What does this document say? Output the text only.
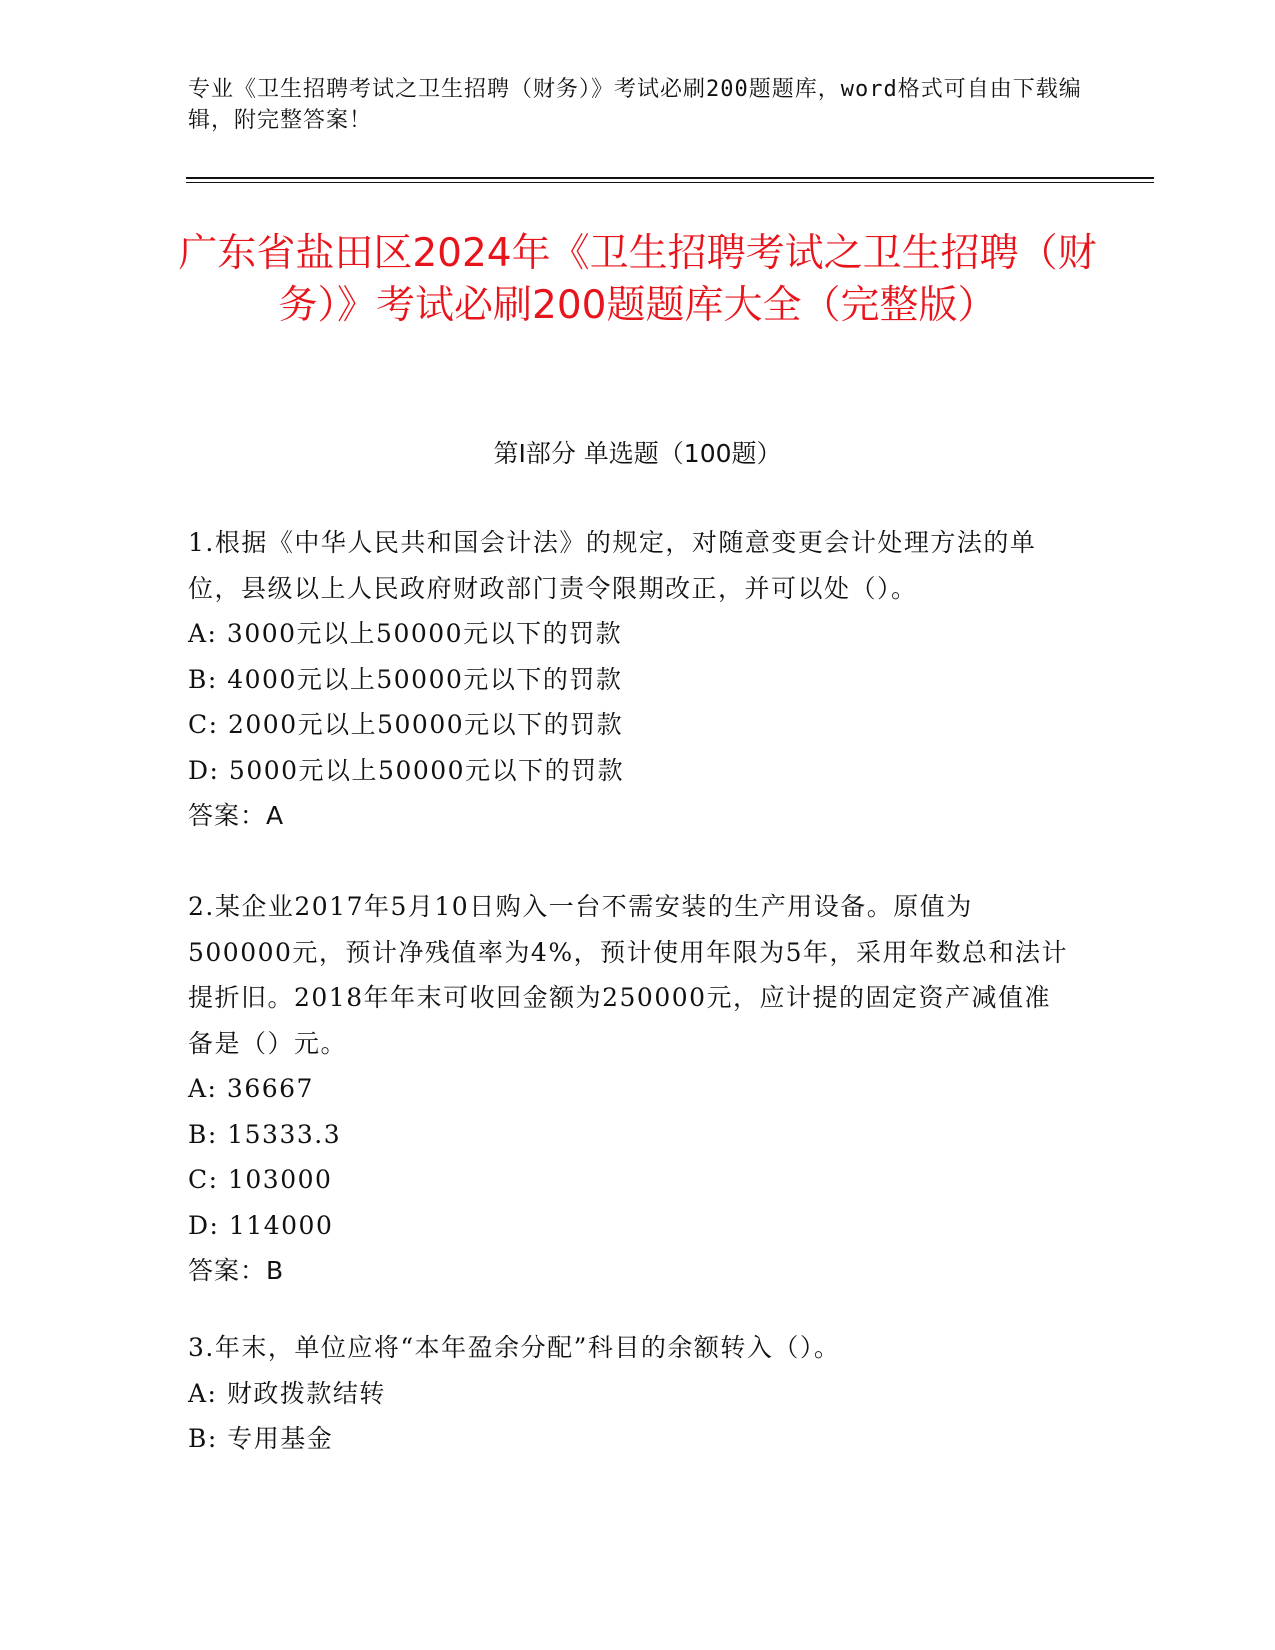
专业《卫生招聘考试之卫生招聘（财务）》考试必刷200题题库，word格式可自由下载编辑，附完整答案！
广东省盐田区2024年《卫生招聘考试之卫生招聘（财务）》考试必刷200题题库大全（完整版）
第I部分 单选题（100题）

1.根据《中华人民共和国会计法》的规定，对随意变更会计处理方法的单位，县级以上人民政府财政部门责令限期改正，并可以处（）。

A: 3000元以上50000元以下的罚款

B: 4000元以上50000元以下的罚款

C: 2000元以上50000元以下的罚款

D: 5000元以上50000元以下的罚款

答案：A

2.某企业2017年5月10日购入一台不需安装的生产用设备。原值为500000元，预计净残值率为4%，预计使用年限为5年，采用年数总和法计提折旧。2018年年末可收回金额为250000元，应计提的固定资产减值准备是（）元。

A: 36667

B: 15333.3

C: 103000

D: 114000

答案：B

3.年末，单位应将“本年盈余分配”科目的余额转入（）。

A: 财政拨款结转

B: 专用基金
